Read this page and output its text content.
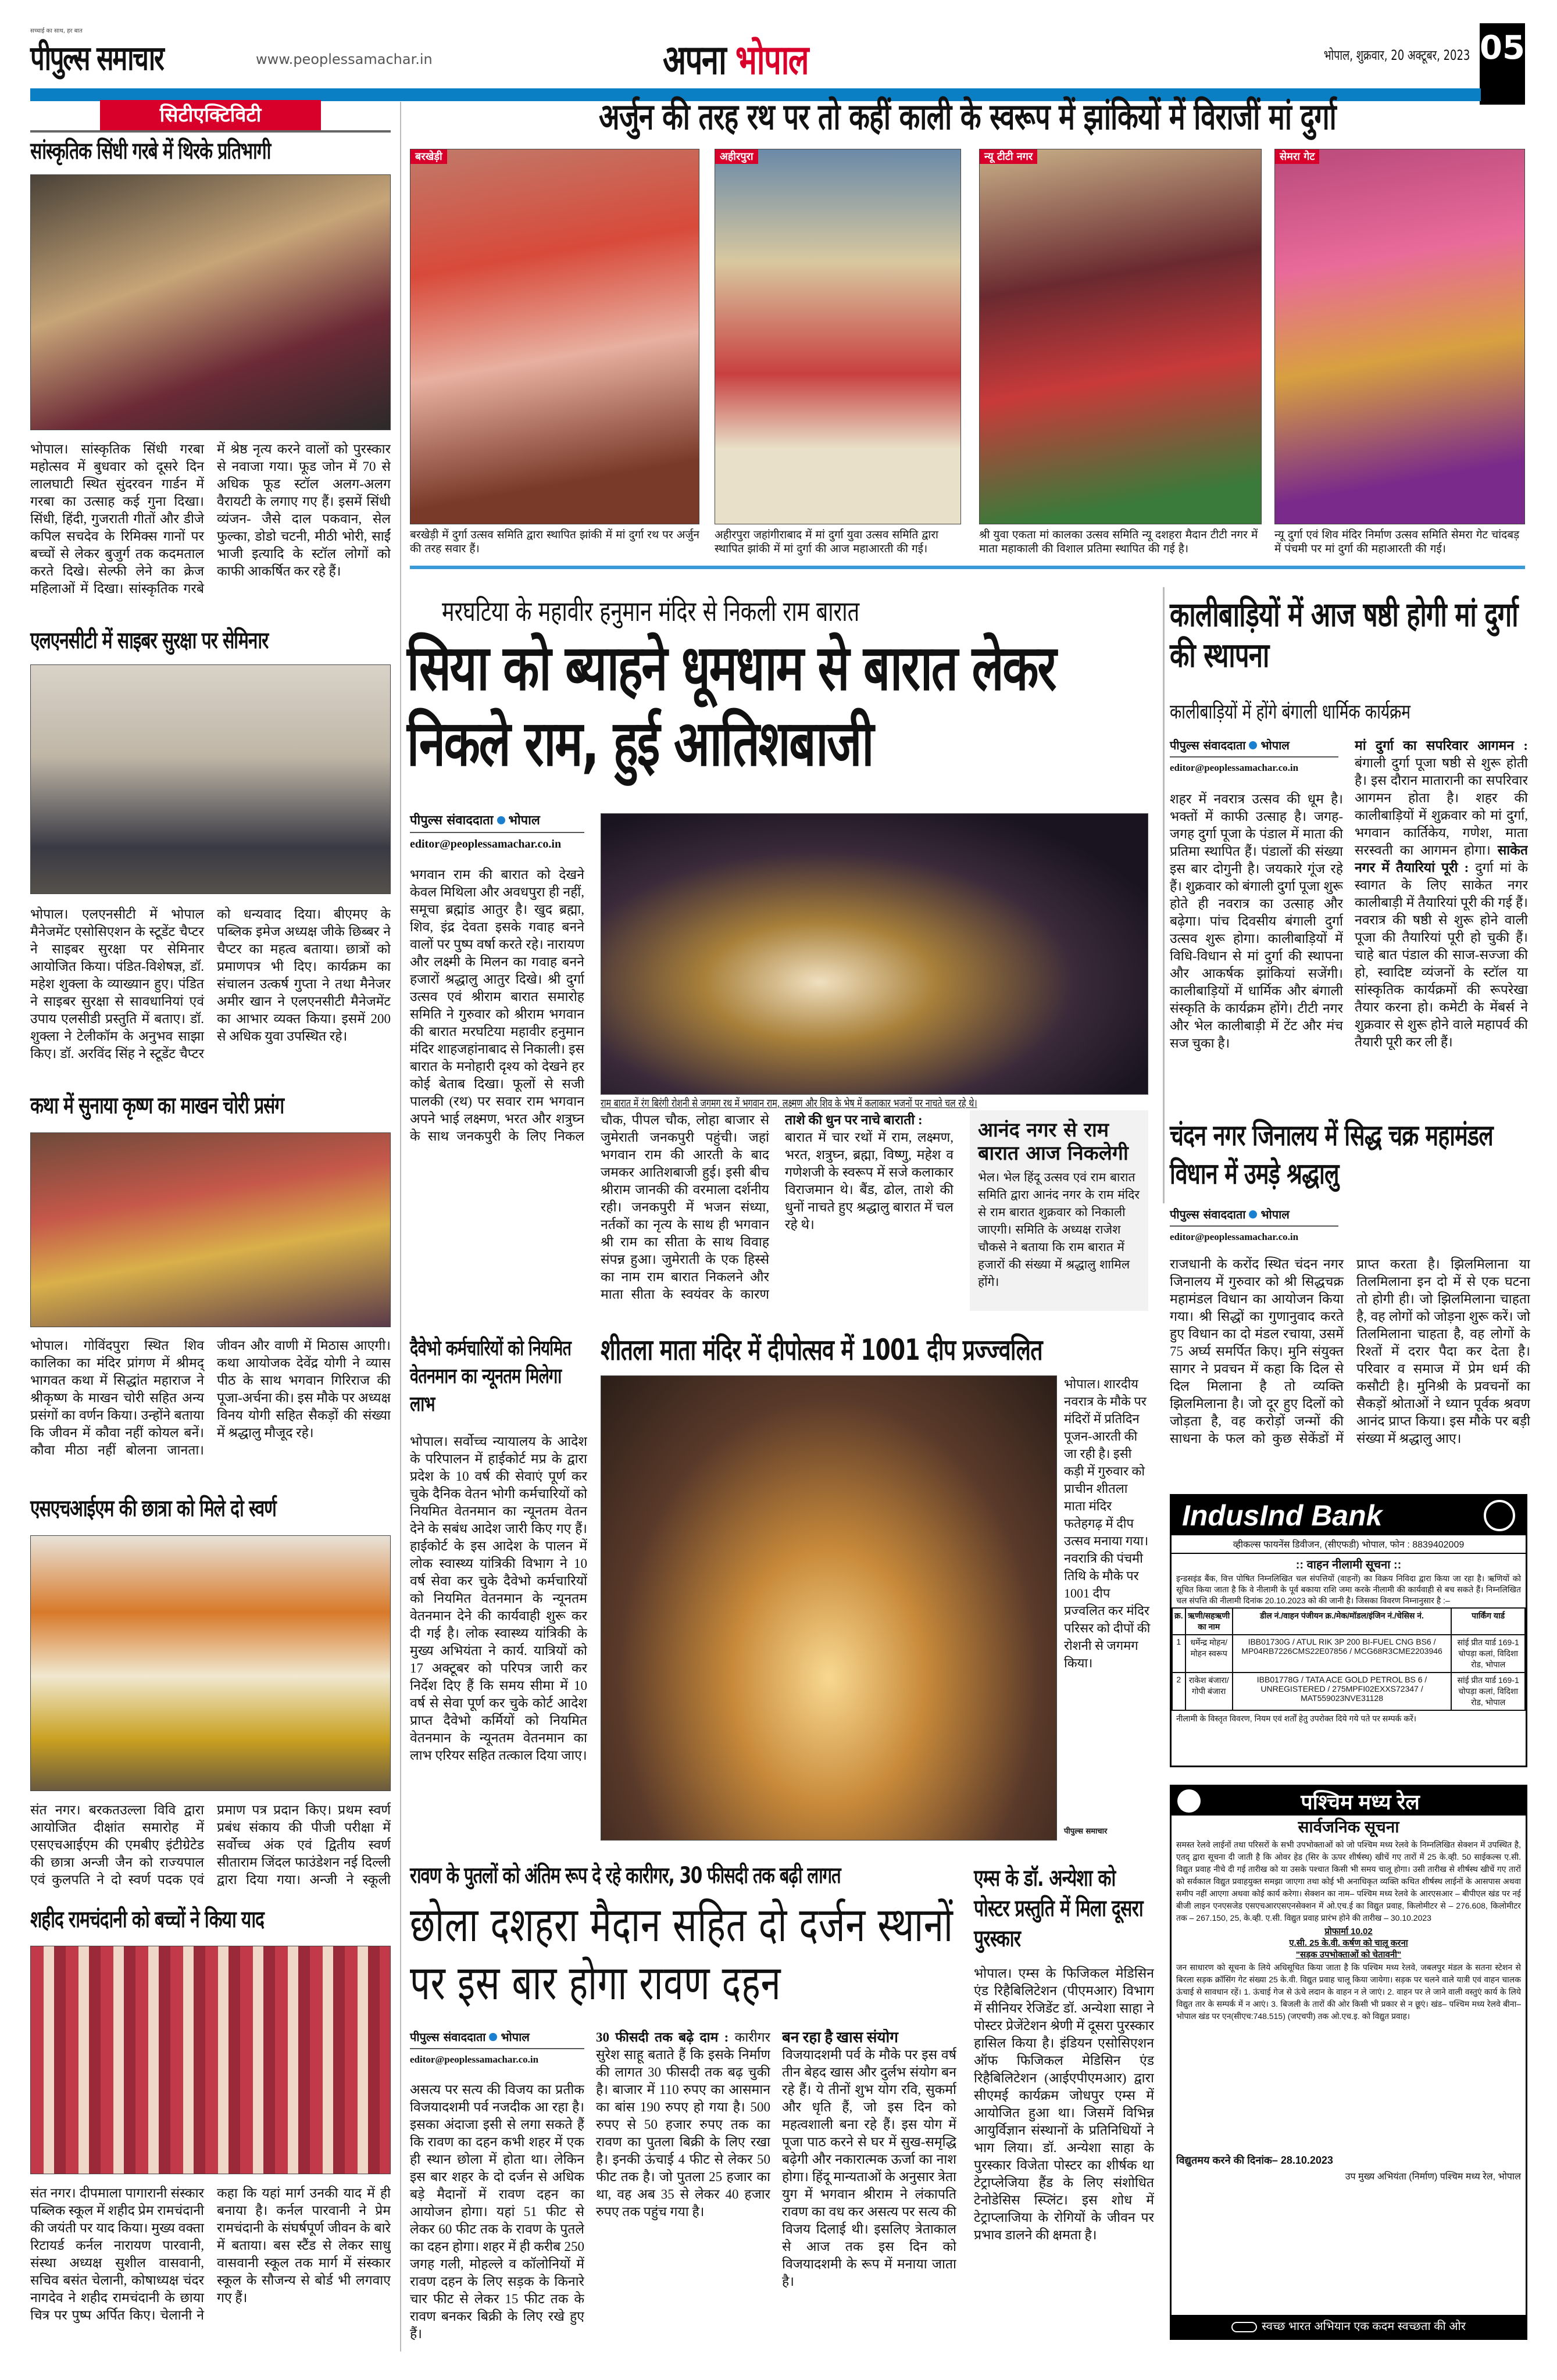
सच्चाई का साथ, हर बात
पीपुल्स समाचार	www.peoplessamachar.in	अपना भोपाल	भोपाल, शुक्रवार, 20 अक्टूबर, 2023 05
सिटीएक्टिविटी
सांस्कृतिक सिंधी गरबे में थिरके प्रतिभागी
भोपाल। सांस्कृतिक सिंधी गरबा महोत्सव में बुधवार को दूसरे दिन लालघाटी स्थित सुंदरवन गार्डन में गरबा का उत्साह कई गुना दिखा। सिंधी, हिंदी, गुजराती गीतों और डीजे कपिल सचदेव के रिमिक्स गानों पर बच्चों से लेकर बुजुर्ग तक कदमताल करते दिखे। सेल्फी लेने का क्रेज महिलाओं में दिखा। सांस्कृतिक गरबे में श्रेष्ठ नृत्य करने वालों को पुरस्कार से नवाजा गया। फूड जोन में 70 से अधिक फूड स्टॉल अलग-अलग वैरायटी के लगाए गए हैं। इसमें सिंधी व्यंजन- जैसे दाल पकवान, सेल फुल्का, डोडो चटनी, मीठी भोरी, साईं भाजी इत्यादि के स्टॉल लोगों को काफी आकर्षित कर रहे हैं।
एलएनसीटी में साइबर सुरक्षा पर सेमिनार
भोपाल। एलएनसीटी में भोपाल मैनेजमेंट एसोसिएशन के स्टूडेंट चैप्टर ने साइबर सुरक्षा पर सेमिनार आयोजित किया। पंडित-विशेषज्ञ, डॉ. महेश शुक्ला के व्याख्यान हुए। पंडित ने साइबर सुरक्षा से सावधानियां एवं उपाय एलसीडी प्रस्तुति में बताए। डॉ. शुक्ला ने टेलीकॉम के अनुभव साझा किए। डॉ. अरविंद सिंह ने स्टूडेंट चैप्टर को धन्यवाद दिया। बीएमए के पब्लिक इमेज अध्यक्ष जीके छिब्बर ने चैप्टर का महत्व बताया। छात्रों को प्रमाणपत्र भी दिए। कार्यक्रम का संचालन उत्कर्ष गुप्ता ने तथा मैनेजर अमीर खान ने एलएनसीटी मैनेजमेंट का आभार व्यक्त किया। इसमें 200 से अधिक युवा उपस्थित रहे।
कथा में सुनाया कृष्ण का माखन चोरी प्रसंग
भोपाल। गोविंदपुरा स्थित शिव कालिका का मंदिर प्रांगण में श्रीमद् भागवत कथा में सिद्धांत महाराज ने श्रीकृष्ण के माखन चोरी सहित अन्य प्रसंगों का वर्णन किया। उन्होंने बताया कि जीवन में कौवा नहीं कोयल बनें। कौवा मीठा नहीं बोलना जानता। जीवन और वाणी में मिठास आएगी। कथा आयोजक देवेंद्र योगी ने व्यास पीठ के साथ भगवान गिरिराज की पूजा-अर्चना की। इस मौके पर अध्यक्ष विनय योगी सहित सैकड़ों की संख्या में श्रद्धालु मौजूद रहे।
एसएचआईएम की छात्रा को मिले दो स्वर्ण
संत नगर। बरकतउल्ला विवि द्वारा आयोजित दीक्षांत समारोह में एसएचआईएम की एमबीए इंटीग्रेटेड की छात्रा अन्जी जैन को राज्यपाल एवं कुलपति ने दो स्वर्ण पदक एवं प्रमाण पत्र प्रदान किए। प्रथम स्वर्ण प्रबंध संकाय की पीजी परीक्षा में सर्वोच्च अंक एवं द्वितीय स्वर्ण सीताराम जिंदल फाउंडेशन नई दिल्ली द्वारा दिया गया। अन्जी ने स्कूली
शहीद रामचंदानी को बच्चों ने किया याद
संत नगर। दीपमाला पागारानी संस्कार पब्लिक स्कूल में शहीद प्रेम रामचंदानी की जयंती पर याद किया। मुख्य वक्ता रिटायर्ड कर्नल नारायण पारवानी, संस्था अध्यक्ष सुशील वासवानी, सचिव बसंत चेलानी, कोषाध्यक्ष चंदर नागदेव ने शहीद रामचंदानी के छाया चित्र पर पुष्प अर्पित किए। चेलानी ने कहा कि यहां मार्ग उनकी याद में ही बनाया है। कर्नल पारवानी ने प्रेम रामचंदानी के संघर्षपूर्ण जीवन के बारे में बताया। बस स्टैंड से लेकर साधु वासवानी स्कूल तक मार्ग में संस्कार स्कूल के सौजन्य से बोर्ड भी लगवाए गए हैं।
अर्जुन की तरह रथ पर तो कहीं काली के स्वरूप में झांकियों में विराजीं मां दुर्गा
बरखेड़ी	अहीरपुरा	न्यू टीटी नगर	सेमरा गेट
बरखेड़ी में दुर्गा उत्सव समिति द्वारा स्थापित झांकी में मां दुर्गा रथ पर अर्जुन की तरह सवार हैं।
अहीरपुरा जहांगीराबाद में मां दुर्गा युवा उत्सव समिति द्वारा स्थापित झांकी में मां दुर्गा की आज महाआरती की गई।
श्री युवा एकता मां कालका उत्सव समिति न्यू दशहरा मैदान टीटी नगर में माता महाकाली की विशाल प्रतिमा स्थापित की गई है।
न्यू दुर्गा एवं शिव मंदिर निर्माण उत्सव समिति सेमरा गेट चांदबड़ में पंचमी पर मां दुर्गा की महाआरती की गई।
मरघटिया के महावीर हनुमान मंदिर से निकली राम बारात
सिया को ब्याहने धूमधाम से बारात लेकर निकले राम, हुई आतिशबाजी
पीपुल्स संवाददाता भोपाल
editor@peoplessamachar.co.in
भगवान राम की बारात को देखने केवल मिथिला और अवधपुरा ही नहीं, समूचा ब्रह्मांड आतुर है। खुद ब्रह्मा, शिव, इंद्र देवता इसके गवाह बनने वालों पर पुष्प वर्षा करते रहे। नारायण और लक्ष्मी के मिलन का गवाह बनने हजारों श्रद्धालु आतुर दिखे। श्री दुर्गा उत्सव एवं श्रीराम बारात समारोह समिति ने गुरुवार को श्रीराम भगवान की बारात मरघटिया महावीर हनुमान मंदिर शाहजहांनाबाद से निकाली। इस बारात के मनोहारी दृश्य को देखने हर कोई बेताब दिखा। फूलों से सजी पालकी (रथ) पर सवार राम भगवान अपने भाई लक्ष्मण, भरत और शत्रुघ्न के साथ जनकपुरी के लिए निकल
राम बारात में रंग बिरंगी रोशनी से जगमग रथ में भगवान राम, लक्ष्मण और शिव के भेष में कलाकार भजनों पर नाचते चल रहे थे।
चौक, पीपल चौक, लोहा बाजार से जुमेराती जनकपुरी पहुंची। जहां भगवान राम की आरती के बाद जमकर आतिशबाजी हुई। इसी बीच श्रीराम जानकी की वरमाला दर्शनीय रही। जनकपुरी में भजन संध्या, नर्तकों का नृत्य के साथ ही भगवान श्री राम का सीता के साथ विवाह संपन्न हुआ। जुमेराती के एक हिस्से का नाम राम बारात निकलने और माता सीता के स्वयंवर के कारण
ताशे की धुन पर नाचे बाराती :
बारात में चार रथों में राम, लक्ष्मण, भरत, शत्रुघ्न, ब्रह्मा, विष्णु, महेश व गणेशजी के स्वरूप में सजे कलाकार विराजमान थे। बैंड, ढोल, ताशे की धुनों नाचते हुए श्रद्धालु बारात में चल रहे थे।
आनंद नगर से राम बारात आज निकलेगी
भेल। भेल हिंदू उत्सव एवं राम बारात समिति द्वारा आनंद नगर के राम मंदिर से राम बारात शुक्रवार को निकाली जाएगी। समिति के अध्यक्ष राजेश चौकसे ने बताया कि राम बारात में हजारों की संख्या में श्रद्धालु शामिल होंगे।
कालीबाड़ियों में आज षष्ठी होगी मां दुर्गा की स्थापना
कालीबाड़ियों में होंगे बंगाली धार्मिक कार्यक्रम
पीपुल्स संवाददाता भोपाल
editor@peoplessamachar.co.in
शहर में नवरात्र उत्सव की धूम है। भक्तों में काफी उत्साह है। जगह-जगह दुर्गा पूजा के पंडाल में माता की प्रतिमा स्थापित हैं। पंडालों की संख्या इस बार दोगुनी है। जयकारे गूंज रहे हैं। शुक्रवार को बंगाली दुर्गा पूजा शुरू होते ही नवरात्र का उत्साह और बढ़ेगा। पांच दिवसीय बंगाली दुर्गा उत्सव शुरू होगा। कालीबाड़ियों में विधि-विधान से मां दुर्गा की स्थापना और आकर्षक झांकियां सजेंगी। कालीबाड़ियों में धार्मिक और बंगाली संस्कृति के कार्यक्रम होंगे। टीटी नगर और भेल कालीबाड़ी में टेंट और मंच सज चुका है।
मां दुर्गा का सपरिवार आगमन : बंगाली दुर्गा पूजा षष्ठी से शुरू होती है। इस दौरान मातारानी का सपरिवार आगमन होता है। शहर की कालीबाड़ियों में शुक्रवार को मां दुर्गा, भगवान कार्तिकेय, गणेश, माता सरस्वती का आगमन होगा। साकेत नगर में तैयारियां पूरी : दुर्गा मां के स्वागत के लिए साकेत नगर कालीबाड़ी में तैयारियां पूरी की गई हैं। नवरात्र की षष्ठी से शुरू होने वाली पूजा की तैयारियां पूरी हो चुकी हैं। चाहे बात पंडाल की साज-सज्जा की हो, स्वादिष्ट व्यंजनों के स्टॉल या सांस्कृतिक कार्यक्रमों की रूपरेखा तैयार करना हो। कमेटी के मेंबर्स ने शुक्रवार से शुरू होने वाले महापर्व की तैयारी पूरी कर ली हैं।
चंदन नगर जिनालय में सिद्ध चक्र महामंडल विधान में उमड़े श्रद्धालु
पीपुल्स संवाददाता भोपाल
editor@peoplessamachar.co.in
राजधानी के करोंद स्थित चंदन नगर जिनालय में गुरुवार को श्री सिद्धचक्र महामंडल विधान का आयोजन किया गया। श्री सिद्धों का गुणानुवाद करते हुए विधान का दो मंडल रचाया, उसमें 75 अर्घ्य समर्पित किए। मुनि संयुक्त सागर ने प्रवचन में कहा कि दिल से दिल मिलाना है तो व्यक्ति झिलमिलाना है। जो दूर हुए दिलों को जोड़ता है, वह करोड़ों जन्मों की साधना के फल को कुछ सेकेंडों में प्राप्त करता है। झिलमिलाना या तिलमिलाना इन दो में से एक घटना तो होगी ही। जो झिलमिलाना चाहता है, वह लोगों को जोड़ना शुरू करें। जो तिलमिलाना चाहता है, वह लोगों के रिश्तों में दरार पैदा कर देता है। परिवार व समाज में प्रेम धर्म की कसौटी है। मुनिश्री के प्रवचनों का सैकड़ों श्रोताओं ने ध्यान पूर्वक श्रवण आनंद प्राप्त किया। इस मौके पर बड़ी संख्या में श्रद्धालु आए।
दैवेभो कर्मचारियों को नियमित वेतनमान का न्यूनतम मिलेगा लाभ
भोपाल। सर्वोच्च न्यायालय के आदेश के परिपालन में हाईकोर्ट मप्र के द्वारा प्रदेश के 10 वर्ष की सेवाएं पूर्ण कर चुके दैनिक वेतन भोगी कर्मचारियों को नियमित वेतनमान का न्यूनतम वेतन देने के सबंध आदेश जारी किए गए हैं। हाईकोर्ट के इस आदेश के पालन में लोक स्वास्थ्य यांत्रिकी विभाग ने 10 वर्ष सेवा कर चुके दैवेभो कर्मचारियों को नियमित वेतनमान के न्यूनतम वेतनमान देने की कार्यवाही शुरू कर दी गई है। लोक स्वास्थ्य यांत्रिकी के मुख्य अभियंता ने कार्य. यात्रियों को 17 अक्टूबर को परिपत्र जारी कर निर्देश दिए हैं कि समय सीमा में 10 वर्ष से सेवा पूर्ण कर चुके कोर्ट आदेश प्राप्त दैवेभो कर्मियों को नियमित वेतनमान के न्यूनतम वेतनमान का लाभ एरियर सहित तत्काल दिया जाए।
शीतला माता मंदिर में दीपोत्सव में 1001 दीप प्रज्ज्वलित
भोपाल। शारदीय नवरात्र के मौके पर मंदिरों में प्रतिदिन पूजन-आरती की जा रही है। इसी कड़ी में गुरुवार को प्राचीन शीतला माता मंदिर फतेहगढ़ में दीप उत्सव मनाया गया। नवरात्रि की पंचमी तिथि के मौके पर 1001 दीप प्रज्वलित कर मंदिर परिसर को दीपों की रोशनी से जगमग किया।
पीपुल्स समाचार
रावण के पुतलों को अंतिम रूप दे रहे कारीगर, 30 फीसदी तक बढ़ी लागत
छोला दशहरा मैदान सहित दो दर्जन स्थानों पर इस बार होगा रावण दहन
पीपुल्स संवाददाता भोपाल
editor@peoplessamachar.co.in
असत्य पर सत्य की विजय का प्रतीक विजयादशमी पर्व नजदीक आ रहा है। इसका अंदाजा इसी से लगा सकते हैं कि रावण का दहन कभी शहर में एक ही स्थान छोला में होता था। लेकिन इस बार शहर के दो दर्जन से अधिक बड़े मैदानों में रावण दहन का आयोजन होगा। यहां 51 फीट से लेकर 60 फीट तक के रावण के पुतले का दहन होगा। शहर में ही करीब 250 जगह गली, मोहल्ले व कॉलोनियों में रावण दहन के लिए सड़क के किनारे चार फीट से लेकर 15 फीट तक के रावण बनकर बिक्री के लिए रखे हुए हैं।
30 फीसदी तक बढ़े दाम : कारीगर सुरेश साहू बताते हैं कि इसके निर्माण की लागत 30 फीसदी तक बढ़ चुकी है। बाजार में 110 रुपए का आसमान का बांस 190 रुपए हो गया है। 500 रुपए से 50 हजार रुपए तक का रावण का पुतला बिक्री के लिए रखा है। इनकी ऊंचाई 4 फीट से लेकर 50 फीट तक है। जो पुतला 25 हजार का था, वह अब 35 से लेकर 40 हजार रुपए तक पहुंच गया है।
बन रहा है खास संयोग
विजयादशमी पर्व के मौके पर इस वर्ष तीन बेहद खास और दुर्लभ संयोग बन रहे हैं। ये तीनों शुभ योग रवि, सुकर्मा और धृति हैं, जो इस दिन को महत्वशाली बना रहे हैं। इस योग में पूजा पाठ करने से घर में सुख-समृद्धि बढ़ेगी और नकारात्मक ऊर्जा का नाश होगा। हिंदू मान्यताओं के अनुसार त्रेता युग में भगवान श्रीराम ने लंकापति रावण का वध कर असत्य पर सत्य की विजय दिलाई थी। इसलिए त्रेताकाल से आज तक इस दिन को विजयादशमी के रूप में मनाया जाता है।
एम्स के डॉ. अन्येशा को पोस्टर प्रस्तुति में मिला दूसरा पुरस्कार
भोपाल। एम्स के फिजिकल मेडिसिन एंड रिहैबिलिटेशन (पीएमआर) विभाग में सीनियर रेजिडेंट डॉ. अन्येशा साहा ने पोस्टर प्रेजेंटेशन श्रेणी में दूसरा पुरस्कार हासिल किया है। इंडियन एसोसिएशन ऑफ फिजिकल मेडिसिन एंड रिहैबिलिटेशन (आईएपीएमआर) द्वारा सीएमई कार्यक्रम जोधपुर एम्स में आयोजित हुआ था। जिसमें विभिन्न आयुर्विज्ञान संस्थानों के प्रतिनिधियों ने भाग लिया। डॉ. अन्येशा साहा के पुरस्कार विजेता पोस्टर का शीर्षक था टेट्राप्लेजिया हैंड के लिए संशोधित टेनोडेसिस स्प्लिंट। इस शोध में टेट्राप्लाजिया के रोगियों के जीवन पर प्रभाव डालने की क्षमता है।
IndusInd Bank
व्हीकल्स फायनेंस डिवीजन, (सीएफडी) भोपाल, फोन : 8839402009
:: वाहन नीलामी सूचना ::
इन्डसइंड बैंक, वित्त पोषित निम्नलिखित चल संपत्तियों (वाहनों) का विक्रय निविदा द्वारा किया जा रहा है। ऋणियों को सूचित किया जाता है कि वे नीलामी के पूर्व बकाया राशि जमा करके नीलामी की कार्यवाही से बच सकते हैं। निम्नलिखित चल संपत्ति की नीलामी दिनांक 20.10.2023 को की जानी है। जिसका विवरण निम्नानुसार है :–
क्र.	ऋणी/सहऋणी का नाम	डील नं./वाहन पंजीयन क्र./मेक/मॉडल/इंजिन नं./चेसिस नं.	पार्किंग यार्ड
1	धर्मेन्द्र मोहन/ मोहन स्वरूप	IBB01730G / ATUL RIK 3P 200 BI-FUEL CNG BS6 / MP04RB7226CMS22E07856 / MCG68R3CME2203946	सांई प्रीत यार्ड 169-1 चोपड़ा कलां, विदिशा रोड, भोपाल
2	राकेश बंजारा/ गोपी बंजारा	IBB01778G / TATA ACE GOLD PETROL BS 6 / UNREGISTERED / 275MPFI02EXXS72347 / MAT559023NVE31128	सांई प्रीत यार्ड 169-1 चोपड़ा कलां, विदिशा रोड, भोपाल
नीलामी के विस्तृत विवरण, नियम एवं शर्तों हेतु उपरोक्त दिये गये पते पर सम्पर्क करें।
पश्चिम मध्य रेल
सार्वजनिक सूचना
समस्त रेलवे लाईनों तथा परिसरों के सभी उपभोक्ताओं को जो पश्चिम मध्य रेलवे के निम्नलिखित सेक्शन में उपस्थित है, एतद् द्वारा सूचना दी जाती है कि ओवर हेड (सिर के ऊपर शीर्षस्थ) खीचें गए तारों में 25 के.व्ही. 50 साईकल्स ए.सी. विद्युत प्रवाह नीचे दी गई तारीख को या उसके पश्चात किसी भी समय चालू होगा। उसी तारीख से शीर्षस्थ खीचें गए तारों को सर्वकाल विद्युत प्रवाहयुक्त समझा जाएगा तथा कोई भी अनाधिकृत व्यक्ति कथित शीर्षस्थ लाईनों के आसपास अथवा समीप नहीं आएगा अथवा कोई कार्य करेगा। सेक्शन का नाम– पश्चिम मध्य रेलवे के आरएसआर – बीपीएल खंड पर नई बीजी लाइन एनएसजेड एसएचआरएसएनसेक्शन में ओ.एच.ई का विद्युत प्रवाह, किलोमीटर से – 276.608, किलोमीटर तक – 267.150, 25, के.व्ही. ए.सी. विद्युत प्रवाह प्रारंभ होने की तारीख – 30.10.2023
प्रोफार्मा 10.02
ए.सी. 25 के.वी. कर्षण को चालू करना
"सड़क उपभोक्ताओं को चेतावनी"
जन साधारण को सूचना के लिये अधिसूचित किया जाता है कि पश्चिम मध्य रेलवे, जबलपुर मंडल के सतना स्टेशन से बिरला सड़क क्रॉसिंग गेट संख्या 25 के.वी. विद्युत प्रवाह चालू किया जायेगा। सड़क पर चलने वाले यात्री एवं वाहन चालक ऊंचाई से सावधान रहें। 1. ऊंचाई गेज से ऊंचे लदान के वाहन न ले जाएं। 2. वाहन पर ले जाने वाली वस्तुएं कार्य के लिये विद्युत तार के सम्पर्क में न आएं। 3. बिजली के तारों की ओर किसी भी प्रकार से न छूएं। खंड– पश्चिम मध्य रेलवे बीना–भोपाल खंड पर एन(सीएच:748.515) (जएचपी) तक ओ.एच.इ. को विद्युत प्रवाह।
विद्युतमय करने की दिनांक– 28.10.2023
उप मुख्य अभियंता (निर्माण) पश्चिम मध्य रेल, भोपाल
स्वच्छ भारत अभियान एक कदम स्वच्छता की ओर
